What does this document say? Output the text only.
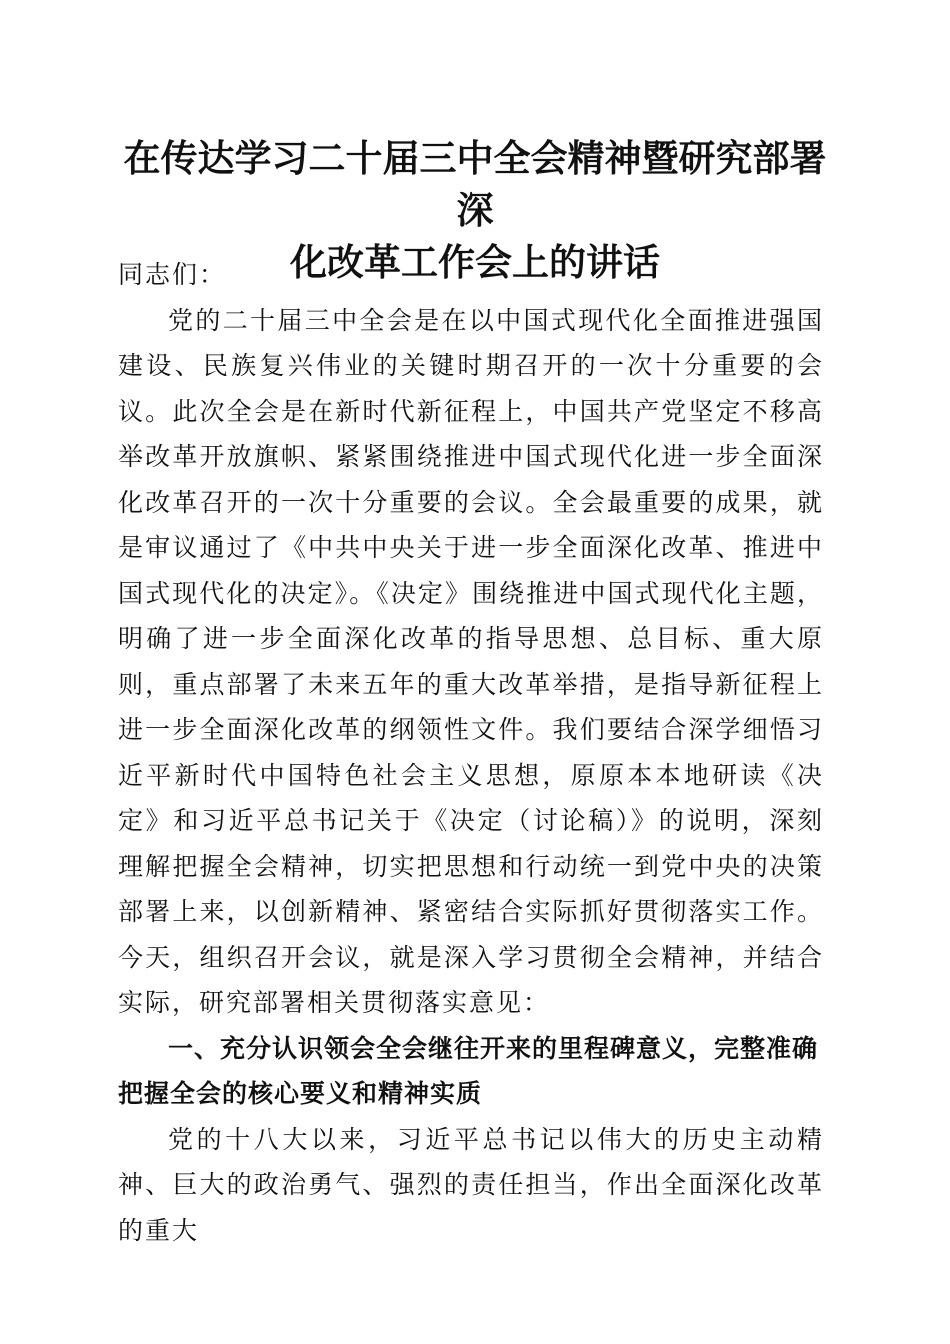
在传达学习二十届三中全会精神暨研究部署深
化改革工作会上的讲话

同志们：

党的二十届三中全会是在以中国式现代化全面推进强国建设、民族复兴伟业的关键时期召开的一次十分重要的会议。此次全会是在新时代新征程上，中国共产党坚定不移高举改革开放旗帜、紧紧围绕推进中国式现代化进一步全面深化改革召开的一次十分重要的会议。全会最重要的成果，就是审议通过了《中共中央关于进一步全面深化改革、推进中国式现代化的决定》。《决定》围绕推进中国式现代化主题，明确了进一步全面深化改革的指导思想、总目标、重大原则，重点部署了未来五年的重大改革举措，是指导新征程上进一步全面深化改革的纲领性文件。我们要结合深学细悟习近平新时代中国特色社会主义思想，原原本本地研读《决定》和习近平总书记关于《决定（讨论稿）》的说明，深刻理解把握全会精神，切实把思想和行动统一到党中央的决策部署上来，以创新精神、紧密结合实际抓好贯彻落实工作。今天，组织召开会议，就是深入学习贯彻全会精神，并结合实际，研究部署相关贯彻落实意见：

一、充分认识领会全会继往开来的里程碑意义，完整准确把握全会的核心要义和精神实质

党的十八大以来，习近平总书记以伟大的历史主动精神、巨大的政治勇气、强烈的责任担当，作出全面深化改革的重大
